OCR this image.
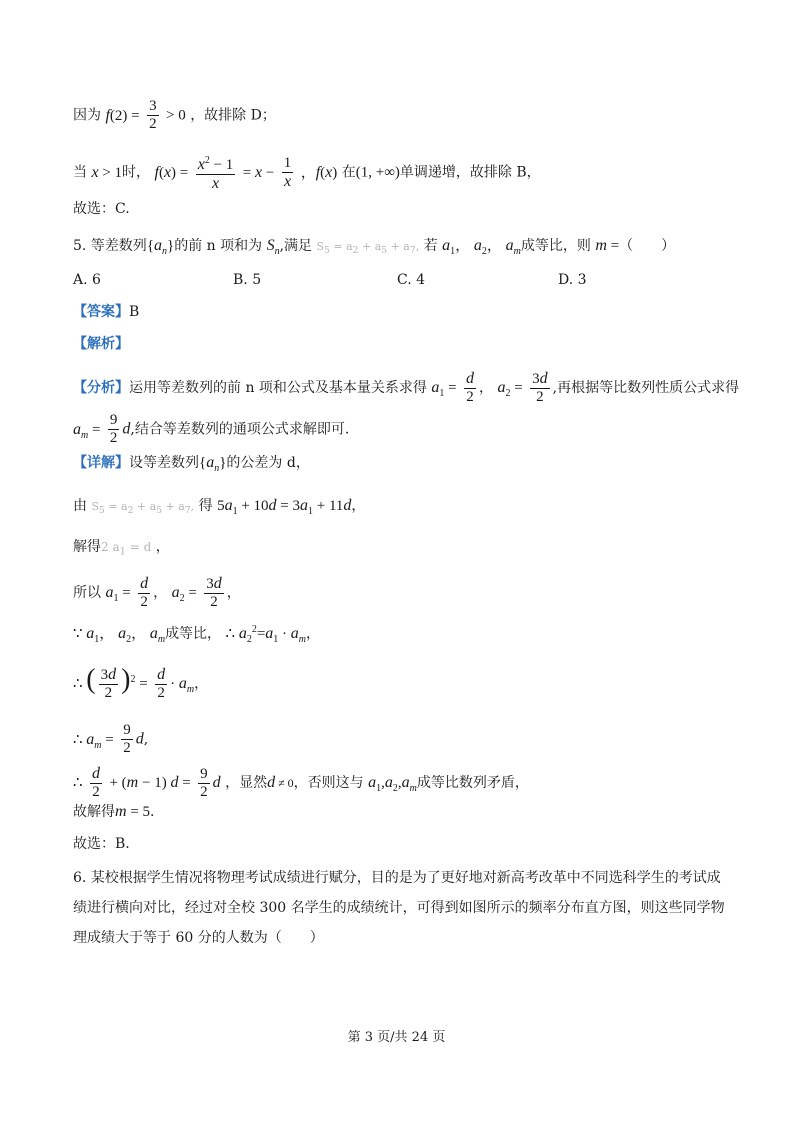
因为 $f(2) = \frac{3}{2} > 0$ ，故排除 D；
当 x > 1时， $f(x) = \frac{x^2 - 1}{x} = x - \frac{1}{x}$ ，f(x) 在(1, +∞)单调递增，故排除 B，
故选：C.
5. 等差数列$\{a_n\}$的前 n 项和为 $S_n$,满足 $S_5 = a_2 + a_5 + a_7$, 若 $a_1$， $a_2$， $a_m$成等比，则 m =（　　）
A. 6	B. 5	C. 4	D. 3
【答案】B
【解析】
【分析】运用等差数列的前 n 项和公式及基本量关系求得 $a_1 = \frac{d}{2}$ ， $a_2 = \frac{3d}{2}$ ,再根据等比数列性质公式求得
$a_m = \frac{9}{2} d$,结合等差数列的通项公式求解即可.
【详解】设等差数列$\{a_n\}$的公差为 d，
由 $S_5 = a_2 + a_5 + a_7$, 得 $5a_1 + 10d = 3a_1 + 11d$，
解得2 $a_1 = d$ ，
所以 $a_1 = \frac{d}{2}$ ， $a_2 = \frac{3d}{2}$ ，
∵ $a_1$， $a_2$， $a_m$成等比， ∴ $a_2^2=a_1 \cdot a_m$，
∴ ( $\frac{3d}{2} )^2 = \frac{d}{2} \cdot a_m$，
∴ $a_m = \frac{9}{2} d$,
∴ $\frac{d}{2} + (m - 1) d = \frac{9}{2}$ d ，显然d ≠ 0，否则这与 $a_1,a_2,a_m$成等比数列矛盾，
故解得m = 5.
故选：B.
6. 某校根据学生情况将物理考试成绩进行赋分，目的是为了更好地对新高考改革中不同选科学生的考试成
绩进行横向对比，经过对全校 300 名学生的成绩统计，可得到如图所示的频率分布直方图，则这些同学物
理成绩大于等于 60 分的人数为（　　）
第 3 页/共 24 页
